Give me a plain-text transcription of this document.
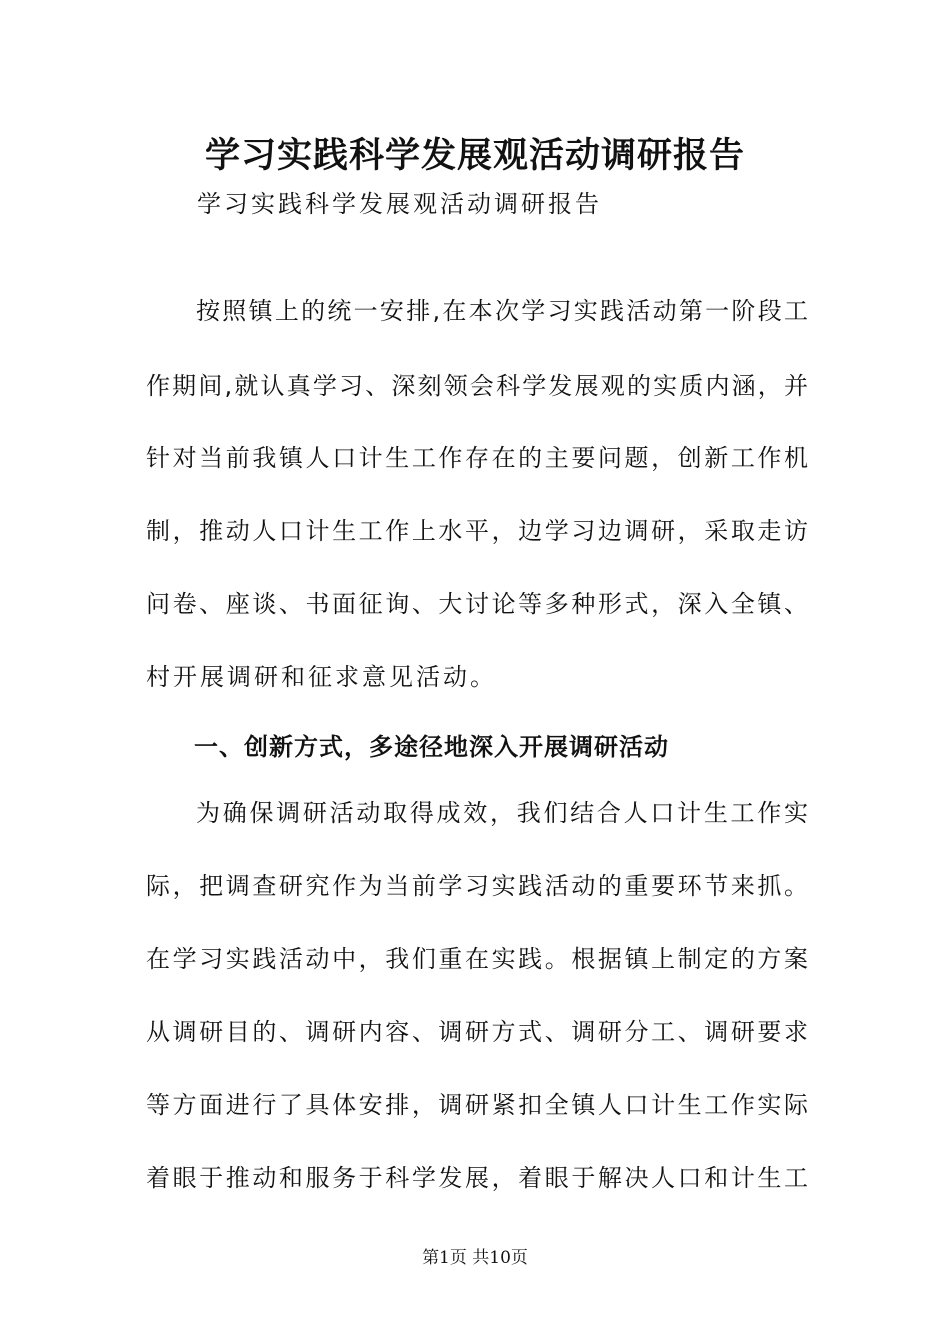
学习实践科学发展观活动调研报告
学习实践科学发展观活动调研报告
按照镇上的统一安排,在本次学习实践活动第一阶段工
作期间,就认真学习、深刻领会科学发展观的实质内涵，并
针对当前我镇人口计生工作存在的主要问题，创新工作机
制，推动人口计生工作上水平，边学习边调研，采取走访
问卷、座谈、书面征询、大讨论等多种形式，深入全镇、
村开展调研和征求意见活动。
一、创新方式，多途径地深入开展调研活动
为确保调研活动取得成效，我们结合人口计生工作实
际，把调查研究作为当前学习实践活动的重要环节来抓。
在学习实践活动中，我们重在实践。根据镇上制定的方案
从调研目的、调研内容、调研方式、调研分工、调研要求
等方面进行了具体安排，调研紧扣全镇人口计生工作实际
着眼于推动和服务于科学发展，着眼于解决人口和计生工
第1页 共10页
